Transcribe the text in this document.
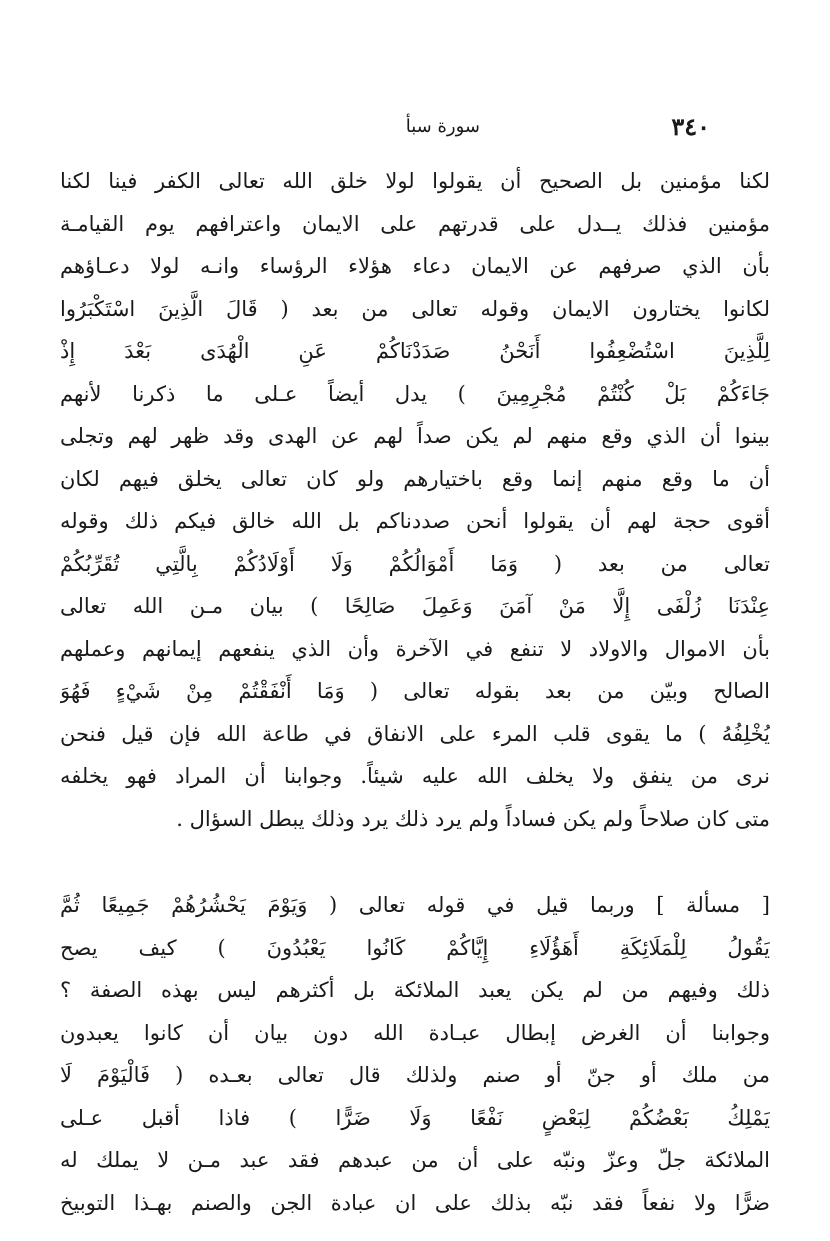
٣٤٠
سورة سبأ
لكنا مؤمنين بل الصحيح أن يقولوا لولا خلق الله تعالى الكفر فينا لكنا
مؤمنين فذلك يــدل على قدرتهم على الايمان واعترافهم يوم القيامـة
بأن الذي صرفهم عن الايمان دعاء هؤلاء الرؤساء وانـه لولا دعـاؤهم
لكانوا يختارون الايمان وقوله تعالى من بعد ( قَالَ الَّذِينَ اسْتَكْبَرُوا
لِلَّذِينَ اسْتُضْعِفُوا أَنَحْنُ صَدَدْنَاكُمْ عَنِ الْهُدَى بَعْدَ إِذْ
جَاءَكُمْ بَلْ كُنْتُمْ مُجْرِمِينَ ) يدل أيضاً عـلى ما ذكرنا لأنهم
بينوا أن الذي وقع منهم لم يكن صداً لهم عن الهدى وقد ظهر لهم وتجلى
أن ما وقع منهم إنما وقع باختيارهم ولو كان تعالى يخلق فيهم لكان
أقوى حجة لهم أن يقولوا أنحن صددناكم بل الله خالق فيكم ذلك وقوله
تعالى من بعد ( وَمَا أَمْوَالُكُمْ وَلَا أَوْلَادُكُمْ بِالَّتِي تُقَرِّبُكُمْ
عِنْدَنَا زُلْفَى إِلَّا مَنْ آمَنَ وَعَمِلَ صَالِحًا ) بيان مـن الله تعالى
بأن الاموال والاولاد لا تنفع في الآخرة وأن الذي ينفعهم إيمانهم وعملهم
الصالح وبيّن من بعد بقوله تعالى ( وَمَا أَنْفَقْتُمْ مِنْ شَيْءٍ فَهُوَ
يُخْلِفُهُ ) ما يقوى قلب المرء على الانفاق في طاعة الله فإن قيل فنحن
نرى من ينفق ولا يخلف الله عليه شيئاً. وجوابنا أن المراد فهو يخلفه
متى كان صلاحاً ولم يكن فساداً ولم يرد ذلك يرد وذلك يبطل السؤال .
[ مسألة ] وربما قيل في قوله تعالى ( وَيَوْمَ يَحْشُرُهُمْ جَمِيعًا ثُمَّ
يَقُولُ لِلْمَلَائِكَةِ أَهَؤُلَاءِ إِيَّاكُمْ كَانُوا يَعْبُدُونَ ) كيف يصح
ذلك وفيهم من لم يكن يعبد الملائكة بل أكثرهم ليس بهذه الصفة ؟
وجوابنا أن الغرض إبطال عبـادة الله دون بيان أن كانوا يعبدون
من ملك أو جنّ أو صنم ولذلك قال تعالى بعـده ( فَالْيَوْمَ لَا
يَمْلِكُ بَعْضُكُمْ لِبَعْضٍ نَفْعًا وَلَا ضَرًّا ) فاذا أقبل عـلى
الملائكة جلّ وعزّ ونبّه على أن من عبدهم فقد عبد مـن لا يملك له
ضرًّا ولا نفعاً فقد نبّه بذلك على ان عبادة الجن والصنم بهـذا التوبيخ
